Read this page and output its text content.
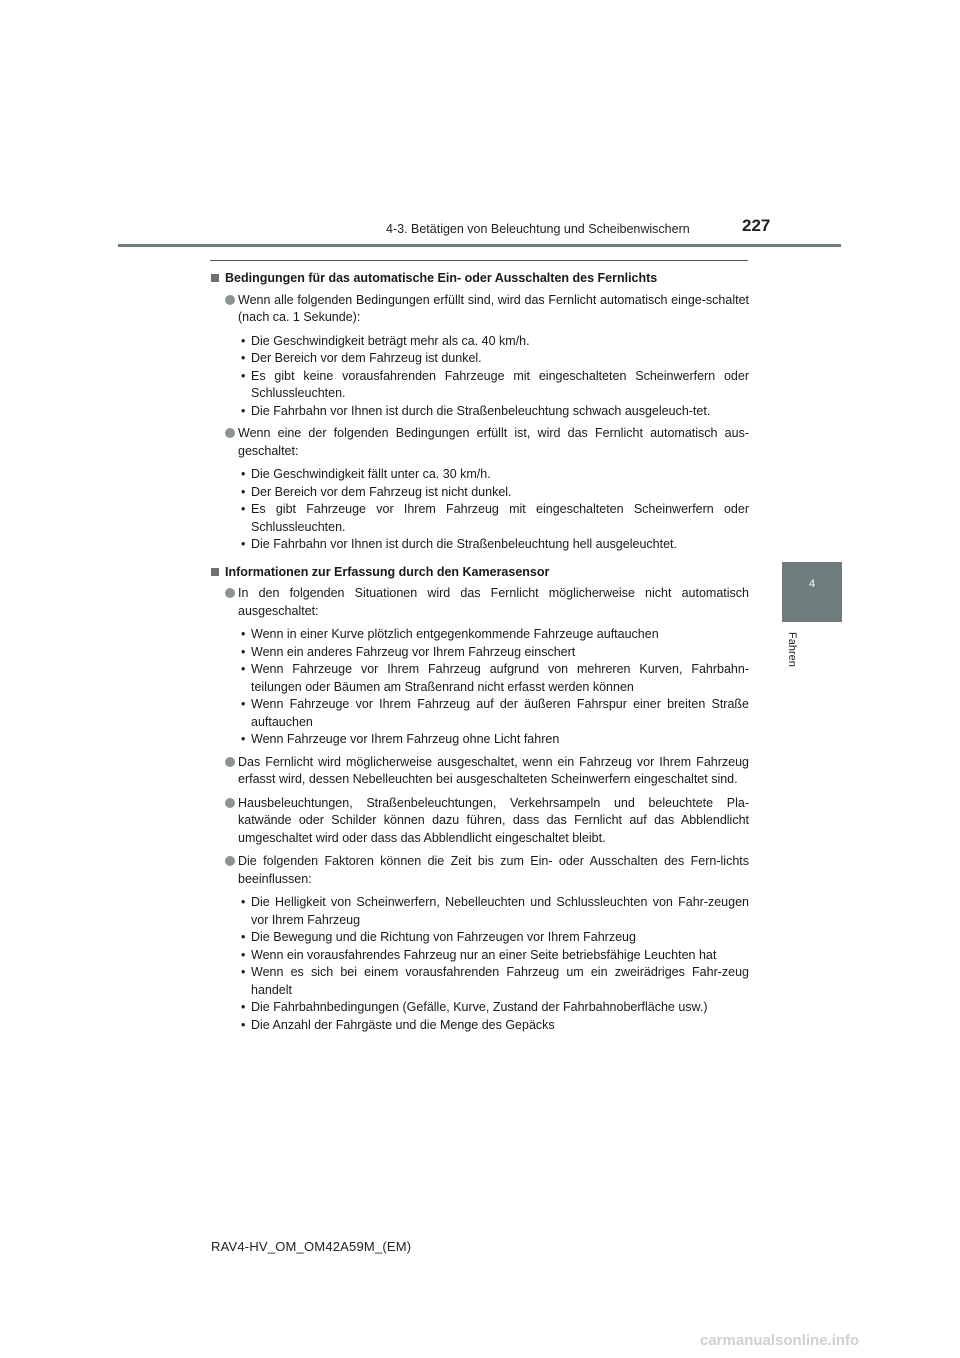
4-3. Betätigen von Beleuchtung und Scheibenwischern	227
4
Fahren
Bedingungen für das automatische Ein- oder Ausschalten des Fernlichts
Wenn alle folgenden Bedingungen erfüllt sind, wird das Fernlicht automatisch einge-schaltet (nach ca. 1 Sekunde):
• Die Geschwindigkeit beträgt mehr als ca. 40 km/h.
• Der Bereich vor dem Fahrzeug ist dunkel.
• Es gibt keine vorausfahrenden Fahrzeuge mit eingeschalteten Scheinwerfern oder Schlussleuchten.
• Die Fahrbahn vor Ihnen ist durch die Straßenbeleuchtung schwach ausgeleuch-tet.
Wenn eine der folgenden Bedingungen erfüllt ist, wird das Fernlicht automatisch aus-geschaltet:
• Die Geschwindigkeit fällt unter ca. 30 km/h.
• Der Bereich vor dem Fahrzeug ist nicht dunkel.
• Es gibt Fahrzeuge vor Ihrem Fahrzeug mit eingeschalteten Scheinwerfern oder Schlussleuchten.
• Die Fahrbahn vor Ihnen ist durch die Straßenbeleuchtung hell ausgeleuchtet.
Informationen zur Erfassung durch den Kamerasensor
In den folgenden Situationen wird das Fernlicht möglicherweise nicht automatisch ausgeschaltet:
• Wenn in einer Kurve plötzlich entgegenkommende Fahrzeuge auftauchen
• Wenn ein anderes Fahrzeug vor Ihrem Fahrzeug einschert
• Wenn Fahrzeuge vor Ihrem Fahrzeug aufgrund von mehreren Kurven, Fahrbahn-teilungen oder Bäumen am Straßenrand nicht erfasst werden können
• Wenn Fahrzeuge vor Ihrem Fahrzeug auf der äußeren Fahrspur einer breiten Straße auftauchen
• Wenn Fahrzeuge vor Ihrem Fahrzeug ohne Licht fahren
Das Fernlicht wird möglicherweise ausgeschaltet, wenn ein Fahrzeug vor Ihrem Fahrzeug erfasst wird, dessen Nebelleuchten bei ausgeschalteten Scheinwerfern eingeschaltet sind.
Hausbeleuchtungen, Straßenbeleuchtungen, Verkehrsampeln und beleuchtete Pla-katwände oder Schilder können dazu führen, dass das Fernlicht auf das Abblendlicht umgeschaltet wird oder dass das Abblendlicht eingeschaltet bleibt.
Die folgenden Faktoren können die Zeit bis zum Ein- oder Ausschalten des Fern-lichts beeinflussen:
• Die Helligkeit von Scheinwerfern, Nebelleuchten und Schlussleuchten von Fahr-zeugen vor Ihrem Fahrzeug
• Die Bewegung und die Richtung von Fahrzeugen vor Ihrem Fahrzeug
• Wenn ein vorausfahrendes Fahrzeug nur an einer Seite betriebsfähige Leuchten hat
• Wenn es sich bei einem vorausfahrenden Fahrzeug um ein zweirädriges Fahr-zeug handelt
• Die Fahrbahnbedingungen (Gefälle, Kurve, Zustand der Fahrbahnoberfläche usw.)
• Die Anzahl der Fahrgäste und die Menge des Gepäcks
RAV4-HV_OM_OM42A59M_(EM)
carmanualsonline.info
